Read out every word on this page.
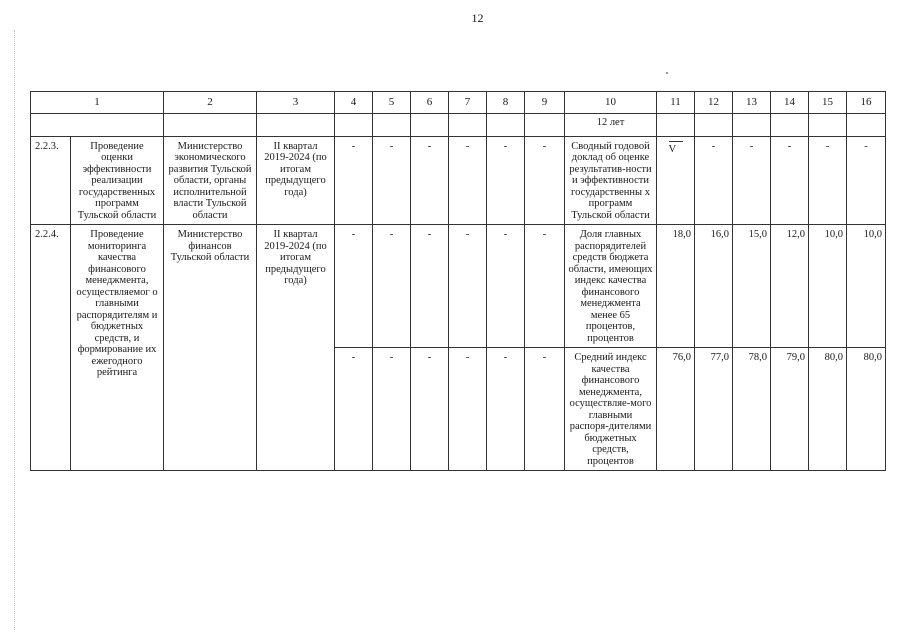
12
1		2	3	4	5	6	7	8	9	10	11	12	13	14	15	16
										12 лет						
2.2.3.	Проведение оценки эффективности реализации государственных программ Тульской области	Министерство экономического развития Тульской области, органы исполнительной власти Тульской области	II квартал 2019-2024 (по итогам предыдущего года)	-	-	-	-	-	-	Сводный годовой доклад об оценке результатив-ности и эффективности государственны х программ Тульской области	V	-	-	-	-	-
2.2.4.	Проведение мониторинга качества финансового менеджмента, осуществляемог о главными распорядителям и бюджетных средств, и формирование их ежегодного рейтинга	Министерство финансов Тульской области	II квартал 2019-2024 (по итогам предыдущего года)	-	-	-	-	-	-	Доля главных распорядителей средств бюджета области, имеющих индекс качества финансового менеджмента менее 65 процентов, процентов	18,0	16,0	15,0	12,0	10,0	10,0
				-	-	-	-	-	-	Средний индекс качества финансового менеджмента, осуществляе-мого главными распоря-дителями бюджетных средств, процентов	76,0	77,0	78,0	79,0	80,0	80,0
